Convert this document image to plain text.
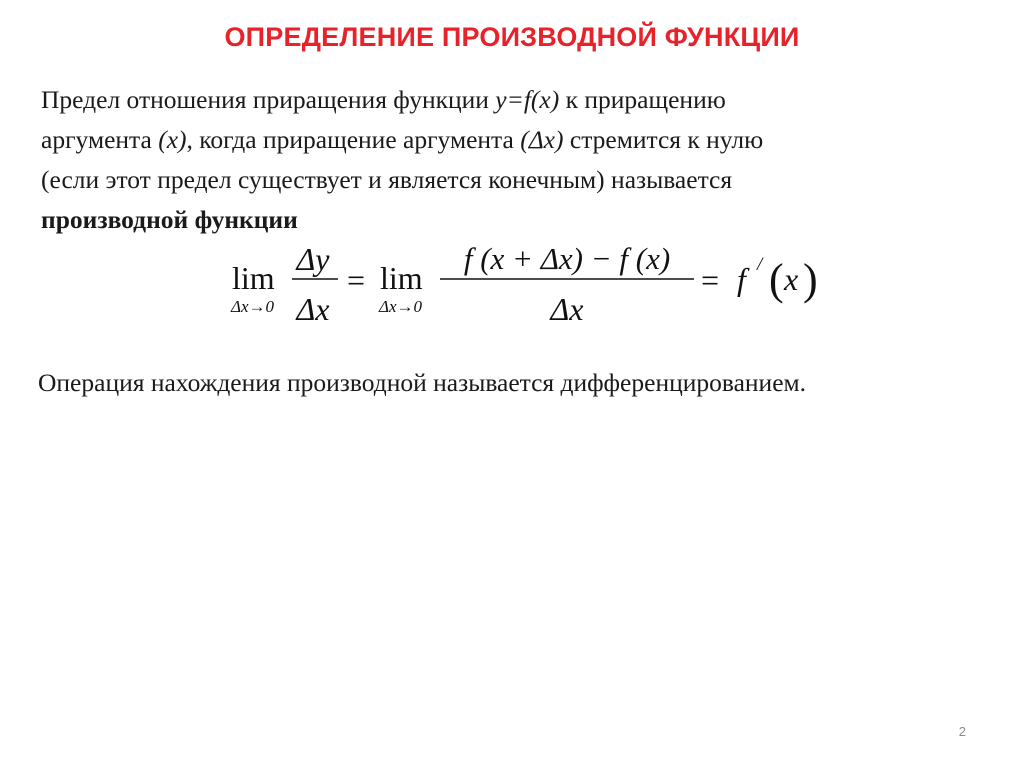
ОПРЕДЕЛЕНИЕ ПРОИЗВОДНОЙ ФУНКЦИИ
Предел отношения приращения функции y=f(x) к приращению
аргумента (x), когда приращение аргумента (Δx) стремится к нулю
(если этот предел существует и является конечным) называется
производной функции
lim
Δx→0
Δy
Δx
= lim
Δx→0
f (x + Δx) − f (x)
Δx
= f / ( x )
Операция нахождения производной называется дифференцированием.
2
